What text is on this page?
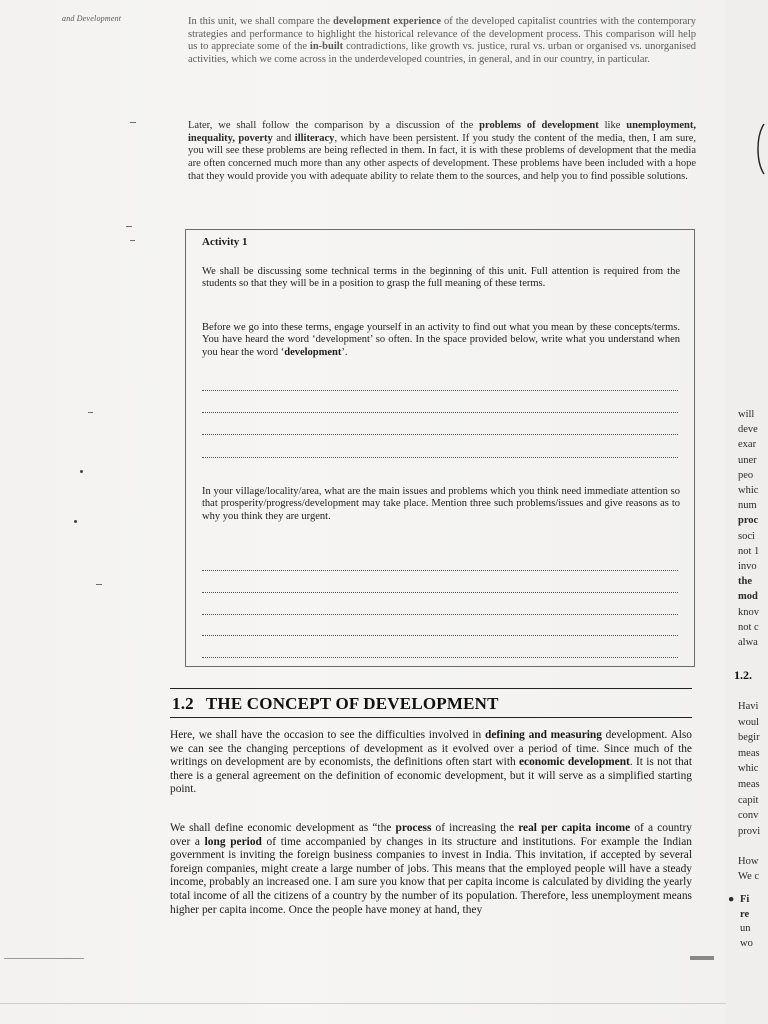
and Development	In this unit, we shall compare the development experience of the developed capitalist countries with the contemporary strategies and performance to highlight the historical relevance of the development process. This comparison will help us to appreciate some of the in-built contradictions, like growth vs. justice, rural vs. urban or organised vs. unorganised activities, which we come across in the underdeveloped countries, in general, and in our country, in particular.

Later, we shall follow the comparison by a discussion of the problems of development like unemployment, inequality, poverty and illiteracy, which have been persistent. If you study the content of the media, then, I am sure, you will see these problems are being reflected in them. In fact, it is with these problems of development that the media are often concerned much more than any other aspects of development. These problems have been included with a hope that they would provide you with adequate ability to relate them to the sources, and help you to find possible solutions.

Activity 1

We shall be discussing some technical terms in the beginning of this unit. Full attention is required from the students so that they will be in a position to grasp the full meaning of these terms.

Before we go into these terms, engage yourself in an activity to find out what you mean by these concepts/terms. You have heard the word ‘development’ so often. In the space provided below, write what you understand when you hear the word ‘development’.

In your village/locality/area, what are the main issues and problems which you think need immediate attention so that prosperity/progress/development may take place. Mention three such problems/issues and give reasons as to why you think they are urgent.

1.2 THE CONCEPT OF DEVELOPMENT

Here, we shall have the occasion to see the difficulties involved in defining and measuring development. Also we can see the changing perceptions of development as it evolved over a period of time. Since much of the writings on development are by economists, the definitions often start with economic development. It is not that there is a general agreement on the definition of economic development, but it will serve as a simplified starting point.

We shall define economic development as “the process of increasing the real per capita income of a country over a long period of time accompanied by changes in its structure and institutions. For example the Indian government is inviting the foreign business companies to invest in India. This invitation, if accepted by several foreign companies, might create a large number of jobs. This means that the employed people will have a steady income, probably an increased one. I am sure you know that per capita income is calculated by dividing the yearly total income of all the citizens of a country by the number of its population. Therefore, less unemployment means higher per capita income. Once the people have money at hand, they

will

deve

exar

uner

peo

whic

num

proc

soci

not 1

invo

the

mod

knov

not c

alwa

1.2.

Havi

woul

begir

meas

whic

meas

capit

conv

provi

How

We c

Fi

re

un

wo

●
